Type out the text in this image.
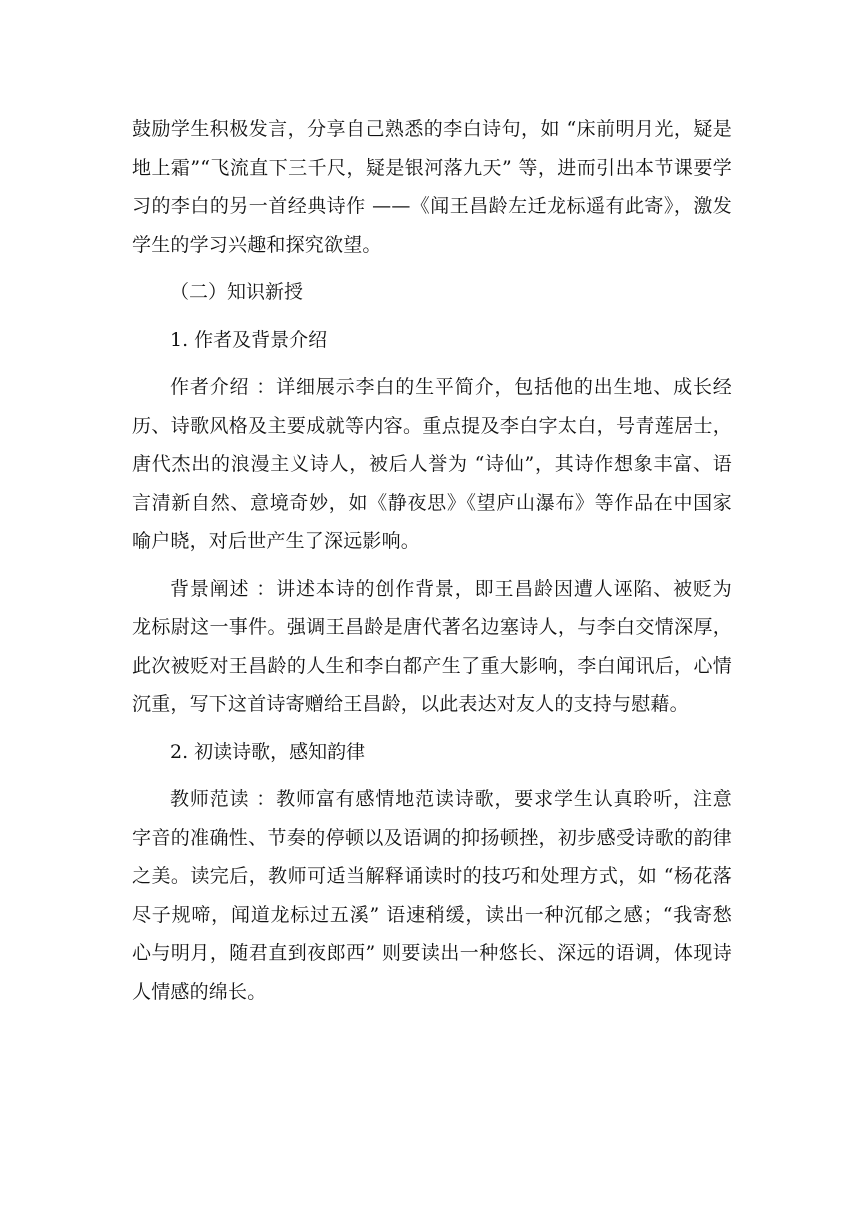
鼓励学生积极发言，分享自己熟悉的李白诗句，如 “床前明月光，疑是地上霜”“飞流直下三千尺，疑是银河落九天” 等，进而引出本节课要学习的李白的另一首经典诗作 ——《闻王昌龄左迁龙标遥有此寄》，激发学生的学习兴趣和探究欲望。

（二）知识新授

1. 作者及背景介绍

作者介绍 ：详细展示李白的生平简介，包括他的出生地、成长经历、诗歌风格及主要成就等内容。重点提及李白字太白，号青莲居士，唐代杰出的浪漫主义诗人，被后人誉为 “诗仙”，其诗作想象丰富、语言清新自然、意境奇妙，如《静夜思》《望庐山瀑布》等作品在中国家喻户晓，对后世产生了深远影响。

背景阐述 ：讲述本诗的创作背景，即王昌龄因遭人诬陷、被贬为龙标尉这一事件。强调王昌龄是唐代著名边塞诗人，与李白交情深厚，此次被贬对王昌龄的人生和李白都产生了重大影响，李白闻讯后，心情沉重，写下这首诗寄赠给王昌龄，以此表达对友人的支持与慰藉。

2. 初读诗歌，感知韵律

教师范读 ：教师富有感情地范读诗歌，要求学生认真聆听，注意字音的准确性、节奏的停顿以及语调的抑扬顿挫，初步感受诗歌的韵律之美。读完后，教师可适当解释诵读时的技巧和处理方式，如 “杨花落尽子规啼，闻道龙标过五溪” 语速稍缓，读出一种沉郁之感；“我寄愁心与明月，随君直到夜郎西” 则要读出一种悠长、深远的语调，体现诗人情感的绵长。
